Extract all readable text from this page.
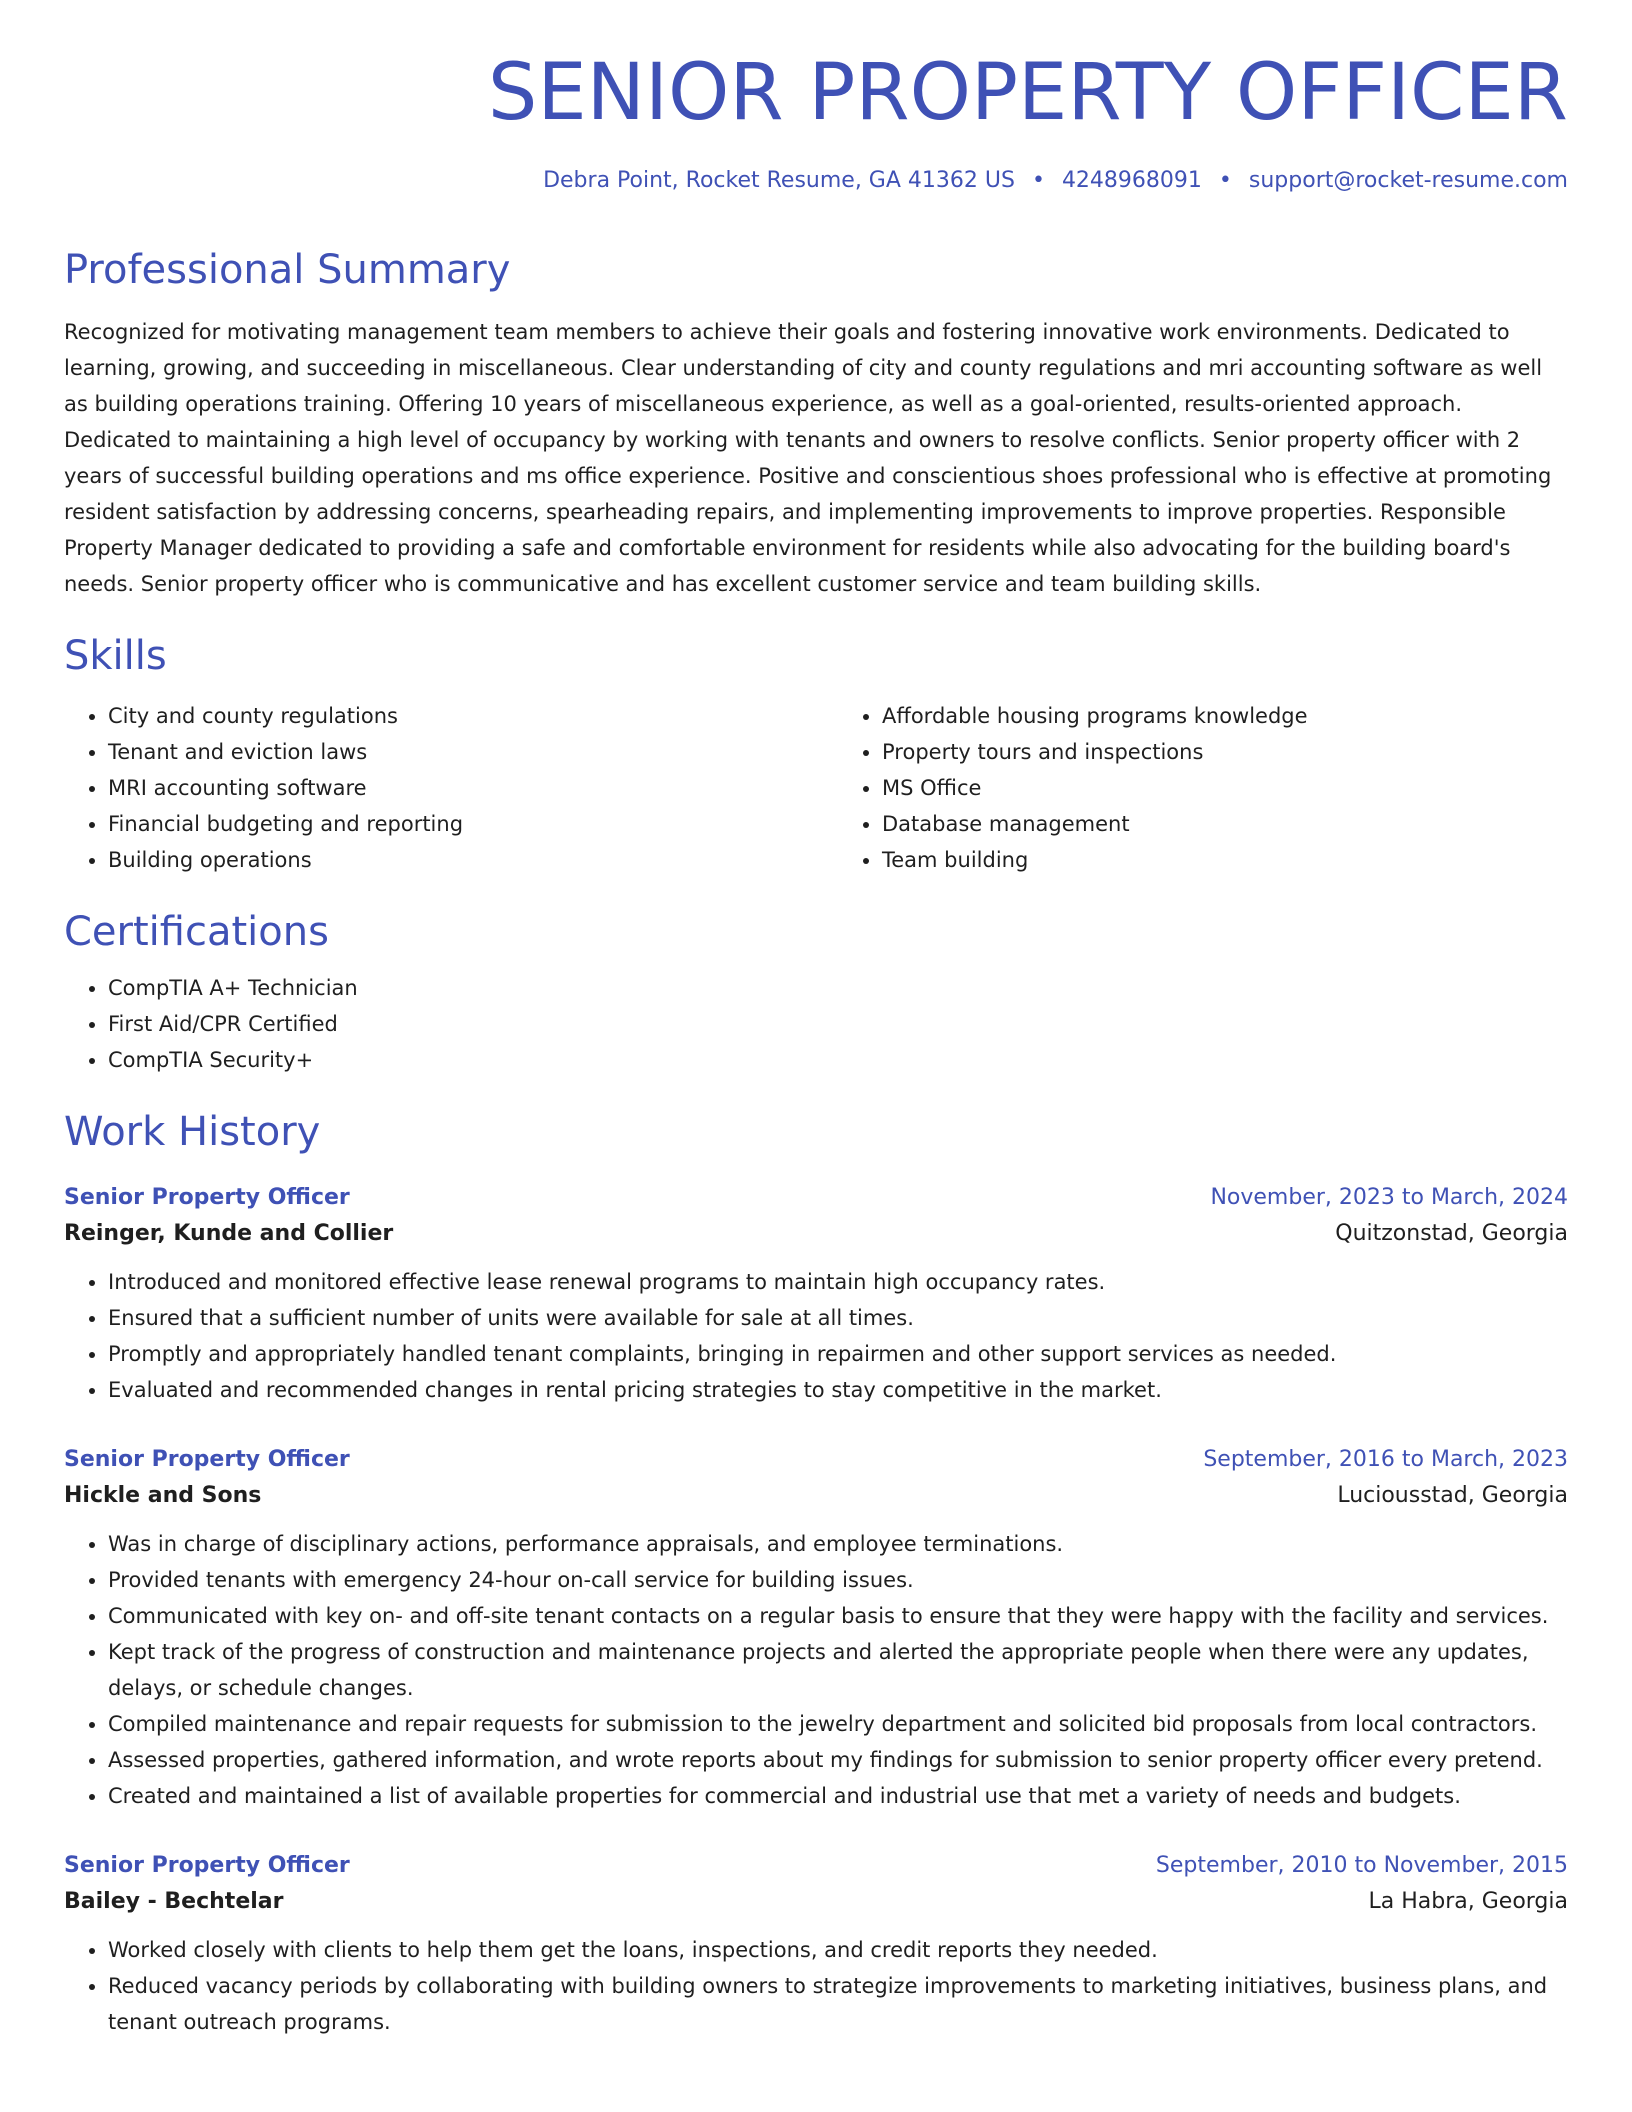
SENIOR PROPERTY OFFICER
Debra Point, Rocket Resume, GA 41362 US • 4248968091 • support@rocket-resume.com
Professional Summary

Recognized for motivating management team members to achieve their goals and fostering innovative work environments. Dedicated to learning, growing, and succeeding in miscellaneous. Clear understanding of city and county regulations and mri accounting software as well as building operations training. Offering 10 years of miscellaneous experience, as well as a goal-oriented, results-oriented approach. Dedicated to maintaining a high level of occupancy by working with tenants and owners to resolve conflicts. Senior property officer with 2 years of successful building operations and ms office experience. Positive and conscientious shoes professional who is effective at promoting resident satisfaction by addressing concerns, spearheading repairs, and implementing improvements to improve properties. Responsible Property Manager dedicated to providing a safe and comfortable environment for residents while also advocating for the building board's needs. Senior property officer who is communicative and has excellent customer service and team building skills.

Skills
• City and county regulations
• Tenant and eviction laws
• MRI accounting software
• Financial budgeting and reporting
• Building operations
• Affordable housing programs knowledge
• Property tours and inspections
• MS Office
• Database management
• Team building
Certifications
• CompTIA A+ Technician
• First Aid/CPR Certified
• CompTIA Security+
Work History
Senior Property Officer	November, 2023 to March, 2024
Reinger, Kunde and Collier	Quitzonstad, Georgia
• Introduced and monitored effective lease renewal programs to maintain high occupancy rates.
• Ensured that a sufficient number of units were available for sale at all times.
• Promptly and appropriately handled tenant complaints, bringing in repairmen and other support services as needed.
• Evaluated and recommended changes in rental pricing strategies to stay competitive in the market.
Senior Property Officer	September, 2016 to March, 2023
Hickle and Sons	Luciousstad, Georgia
• Was in charge of disciplinary actions, performance appraisals, and employee terminations.
• Provided tenants with emergency 24-hour on-call service for building issues.
• Communicated with key on- and off-site tenant contacts on a regular basis to ensure that they were happy with the facility and services.
• Kept track of the progress of construction and maintenance projects and alerted the appropriate people when there were any updates, delays, or schedule changes.
• Compiled maintenance and repair requests for submission to the jewelry department and solicited bid proposals from local contractors.
• Assessed properties, gathered information, and wrote reports about my findings for submission to senior property officer every pretend.
• Created and maintained a list of available properties for commercial and industrial use that met a variety of needs and budgets.
Senior Property Officer	September, 2010 to November, 2015
Bailey - Bechtelar	La Habra, Georgia
• Worked closely with clients to help them get the loans, inspections, and credit reports they needed.
• Reduced vacancy periods by collaborating with building owners to strategize improvements to marketing initiatives, business plans, and tenant outreach programs.
